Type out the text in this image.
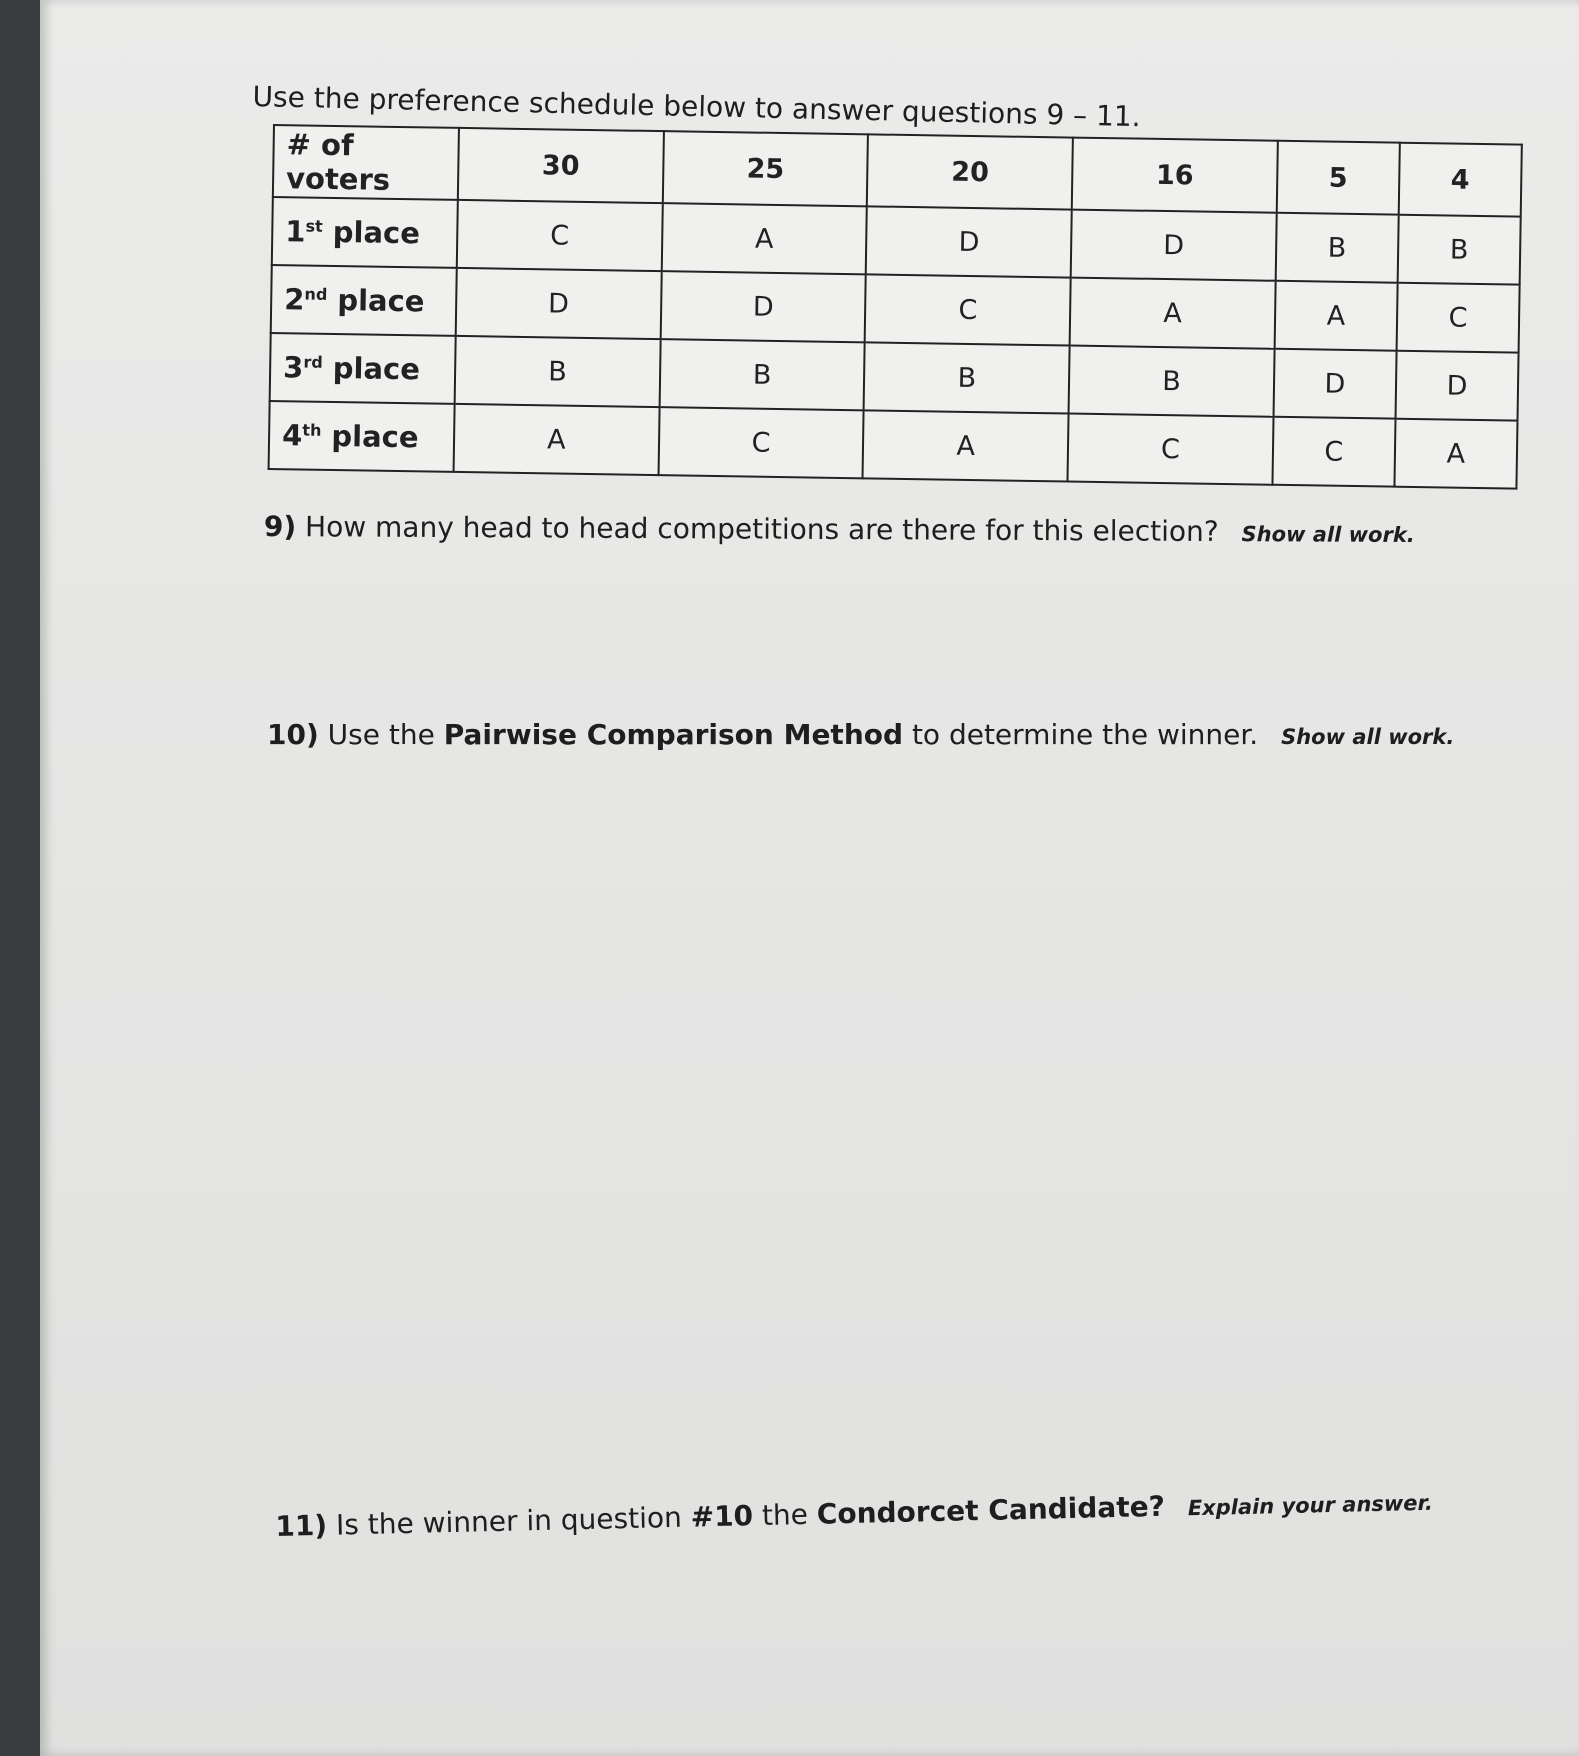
Use the preference schedule below to answer questions 9 – 11.
# of voters	30	25	20	16	5	4
1st place	C	A	D	D	B	B
2nd place	D	D	C	A	A	C
3rd place	B	B	B	B	D	D
4th place	A	C	A	C	C	A
9) How many head to head competitions are there for this election? Show all work.
10) Use the Pairwise Comparison Method to determine the winner. Show all work.
11) Is the winner in question #10 the Condorcet Candidate? Explain your answer.
